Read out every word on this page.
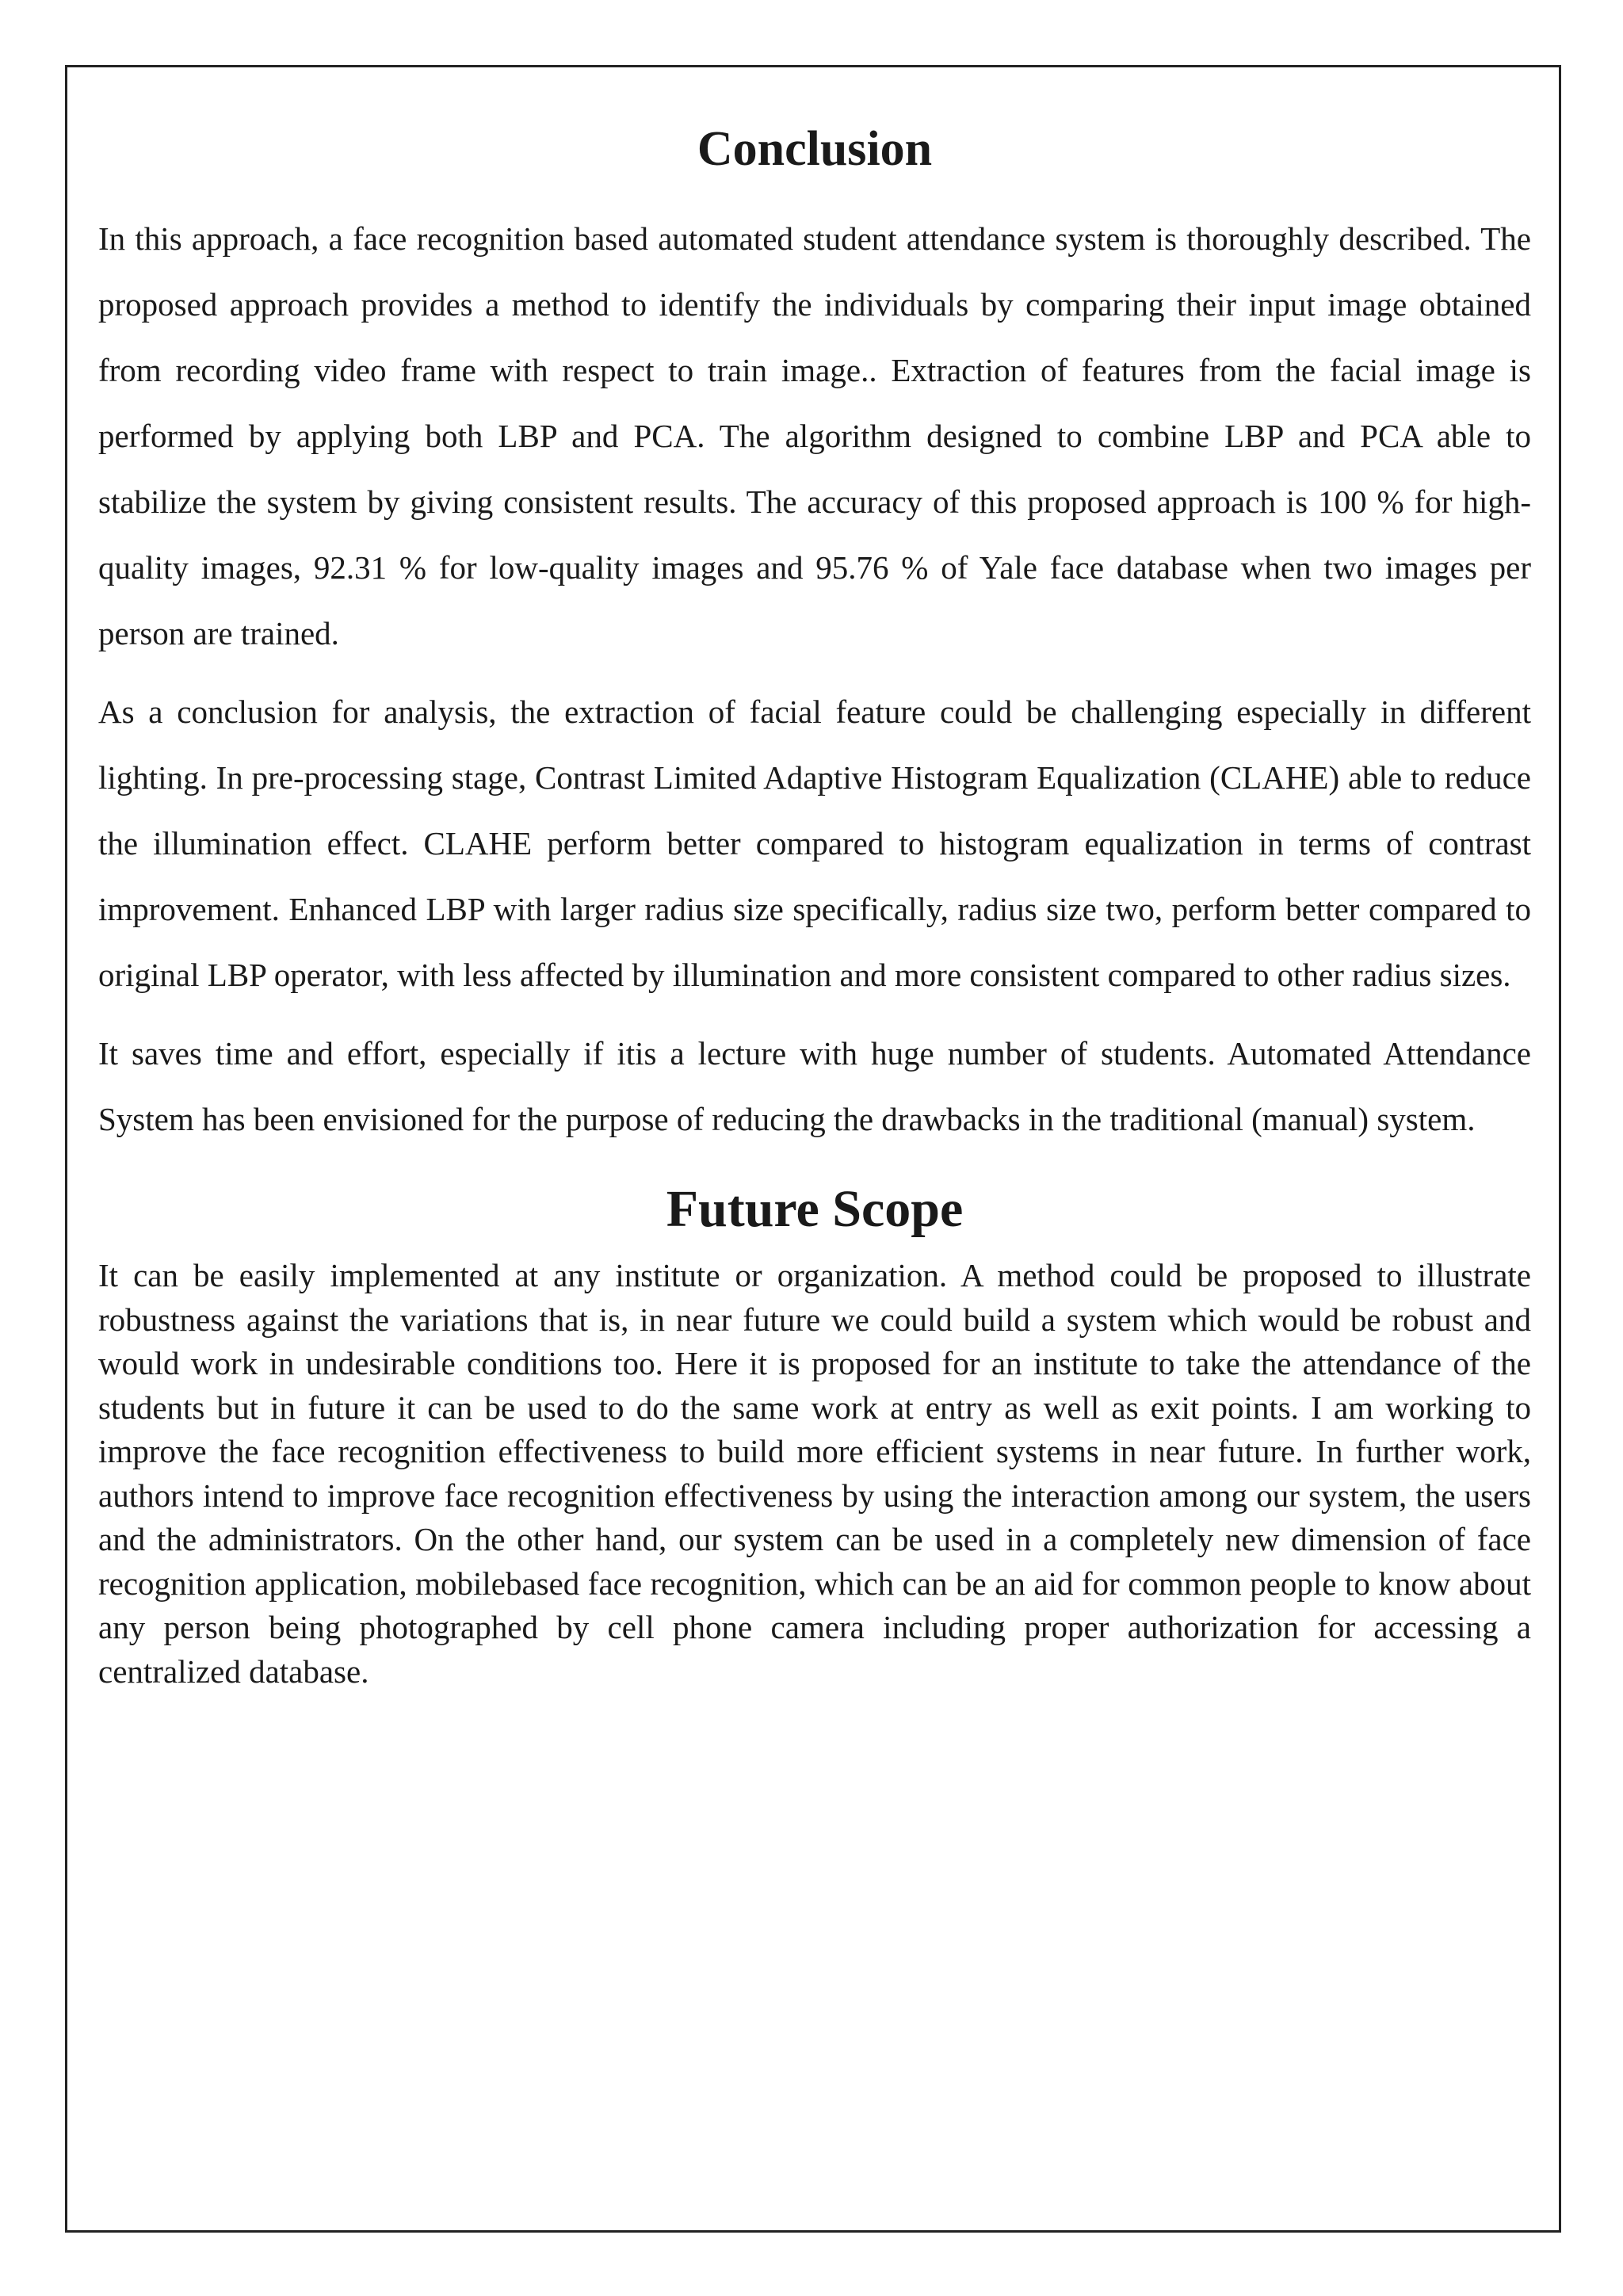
Conclusion

In this approach, a face recognition based automated student attendance system is thoroughly described. The proposed approach provides a method to identify the individuals by comparing their input image obtained from recording video frame with respect to train image.. Extraction of features from the facial image is performed by applying both LBP and PCA. The algorithm designed to combine LBP and PCA able to stabilize the system by giving consistent results. The accuracy of this proposed approach is 100 % for high-quality images, 92.31 % for low-quality images and 95.76 % of Yale face database when two images per person are trained.

As a conclusion for analysis, the extraction of facial feature could be challenging especially in different lighting. In pre-processing stage, Contrast Limited Adaptive Histogram Equalization (CLAHE) able to reduce the illumination effect. CLAHE perform better compared to histogram equalization in terms of contrast improvement. Enhanced LBP with larger radius size specifically, radius size two, perform better compared to original LBP operator, with less affected by illumination and more consistent compared to other radius sizes.

It saves time and effort, especially if itis a lecture with huge number of students. Automated Attendance System has been envisioned for the purpose of reducing the drawbacks in the traditional (manual) system.

Future Scope

It can be easily implemented at any institute or organization. A method could be proposed to illustrate robustness against the variations that is, in near future we could build a system which would be robust and would work in undesirable conditions too. Here it is proposed for an institute to take the attendance of the students but in future it can be used to do the same work at entry as well as exit points. I am working to improve the face recognition effectiveness to build more efficient systems in near future. In further work, authors intend to improve face recognition effectiveness by using the interaction among our system, the users and the administrators. On the other hand, our system can be used in a completely new dimension of face recognition application, mobilebased face recognition, which can be an aid for common people to know about any person being photographed by cell phone camera including proper authorization for accessing a centralized database.
